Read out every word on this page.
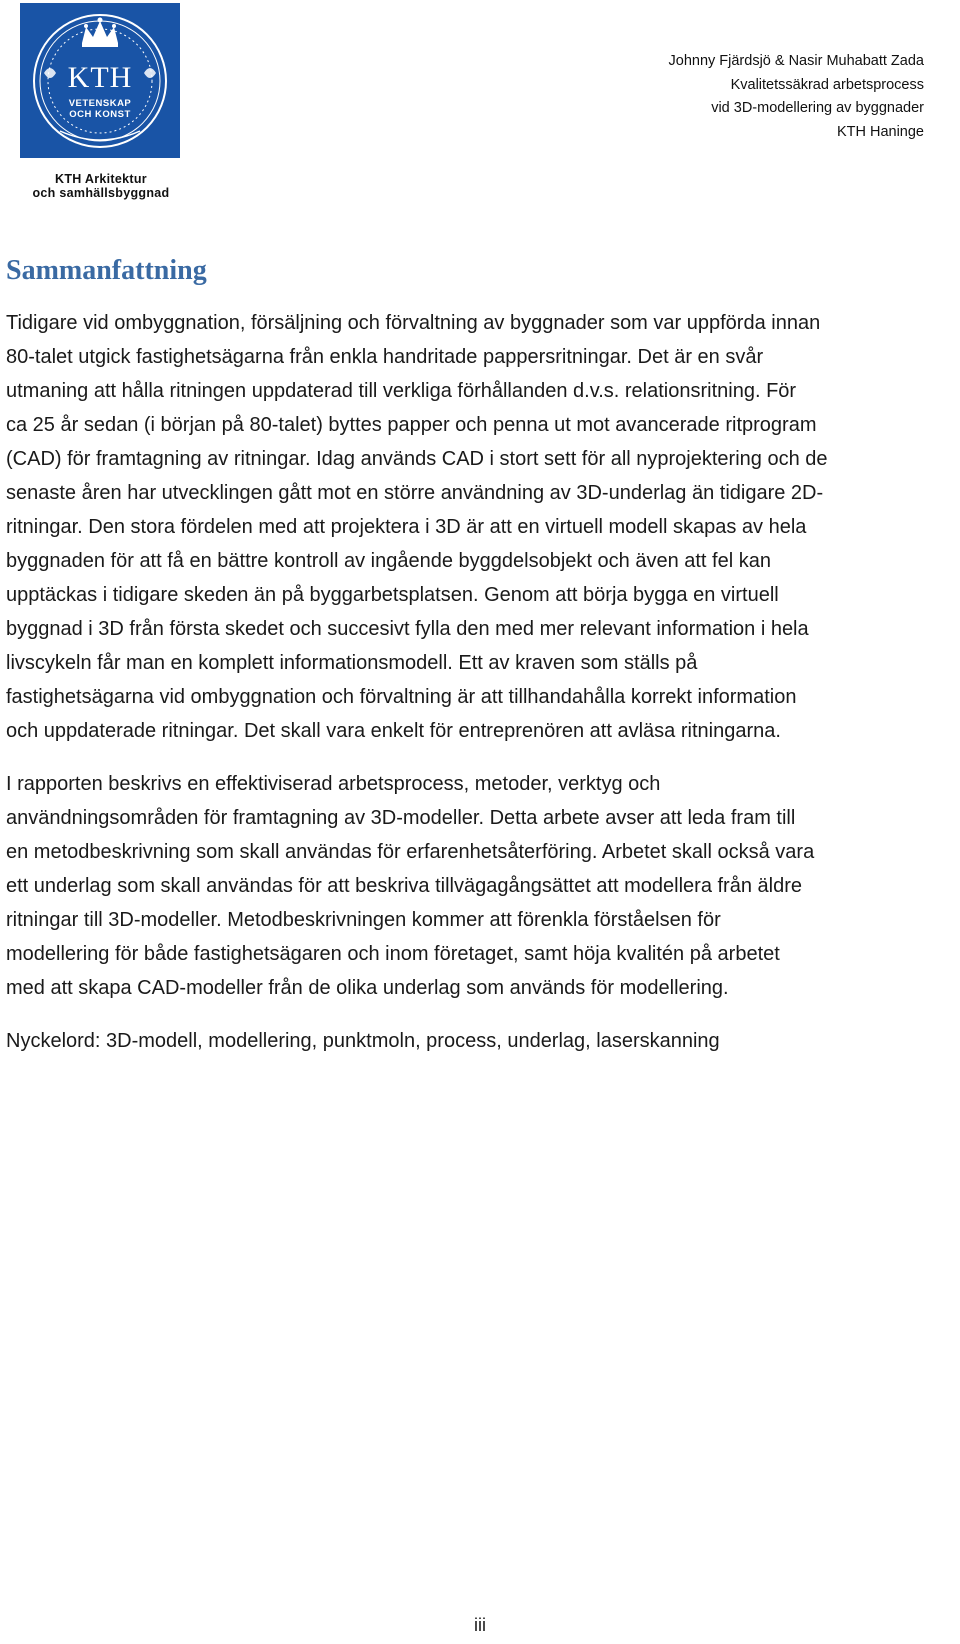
KTH
VETENSKAP
OCH KONST
KTH Arkitektur
och samhällsbyggnad
Johnny Fjärdsjö & Nasir Muhabatt Zada
Kvalitetssäkrad arbetsprocess
vid 3D-modellering av byggnader
KTH Haninge
Sammanfattning

Tidigare vid ombyggnation, försäljning och förvaltning av byggnader som var uppförda innan
80-talet utgick fastighetsägarna från enkla handritade pappersritningar. Det är en svår
utmaning att hålla ritningen uppdaterad till verkliga förhållanden d.v.s. relationsritning. För
ca 25 år sedan (i början på 80-talet) byttes papper och penna ut mot avancerade ritprogram
(CAD) för framtagning av ritningar. Idag används CAD i stort sett för all nyprojektering och de
senaste åren har utvecklingen gått mot en större användning av 3D-underlag än tidigare 2D-
ritningar. Den stora fördelen med att projektera i 3D är att en virtuell modell skapas av hela
byggnaden för att få en bättre kontroll av ingående byggdelsobjekt och även att fel kan
upptäckas i tidigare skeden än på byggarbetsplatsen. Genom att börja bygga en virtuell
byggnad i 3D från första skedet och succesivt fylla den med mer relevant information i hela
livscykeln får man en komplett informationsmodell. Ett av kraven som ställs på
fastighetsägarna vid ombyggnation och förvaltning är att tillhandahålla korrekt information
och uppdaterade ritningar. Det skall vara enkelt för entreprenören att avläsa ritningarna.

I rapporten beskrivs en effektiviserad arbetsprocess, metoder, verktyg och
användningsområden för framtagning av 3D-modeller. Detta arbete avser att leda fram till
en metodbeskrivning som skall användas för erfarenhetsåterföring. Arbetet skall också vara
ett underlag som skall användas för att beskriva tillvägagångsättet att modellera från äldre
ritningar till 3D-modeller. Metodbeskrivningen kommer att förenkla förståelsen för
modellering för både fastighetsägaren och inom företaget, samt höja kvalitén på arbetet
med att skapa CAD-modeller från de olika underlag som används för modellering.

Nyckelord: 3D-modell, modellering, punktmoln, process, underlag, laserskanning

iii
